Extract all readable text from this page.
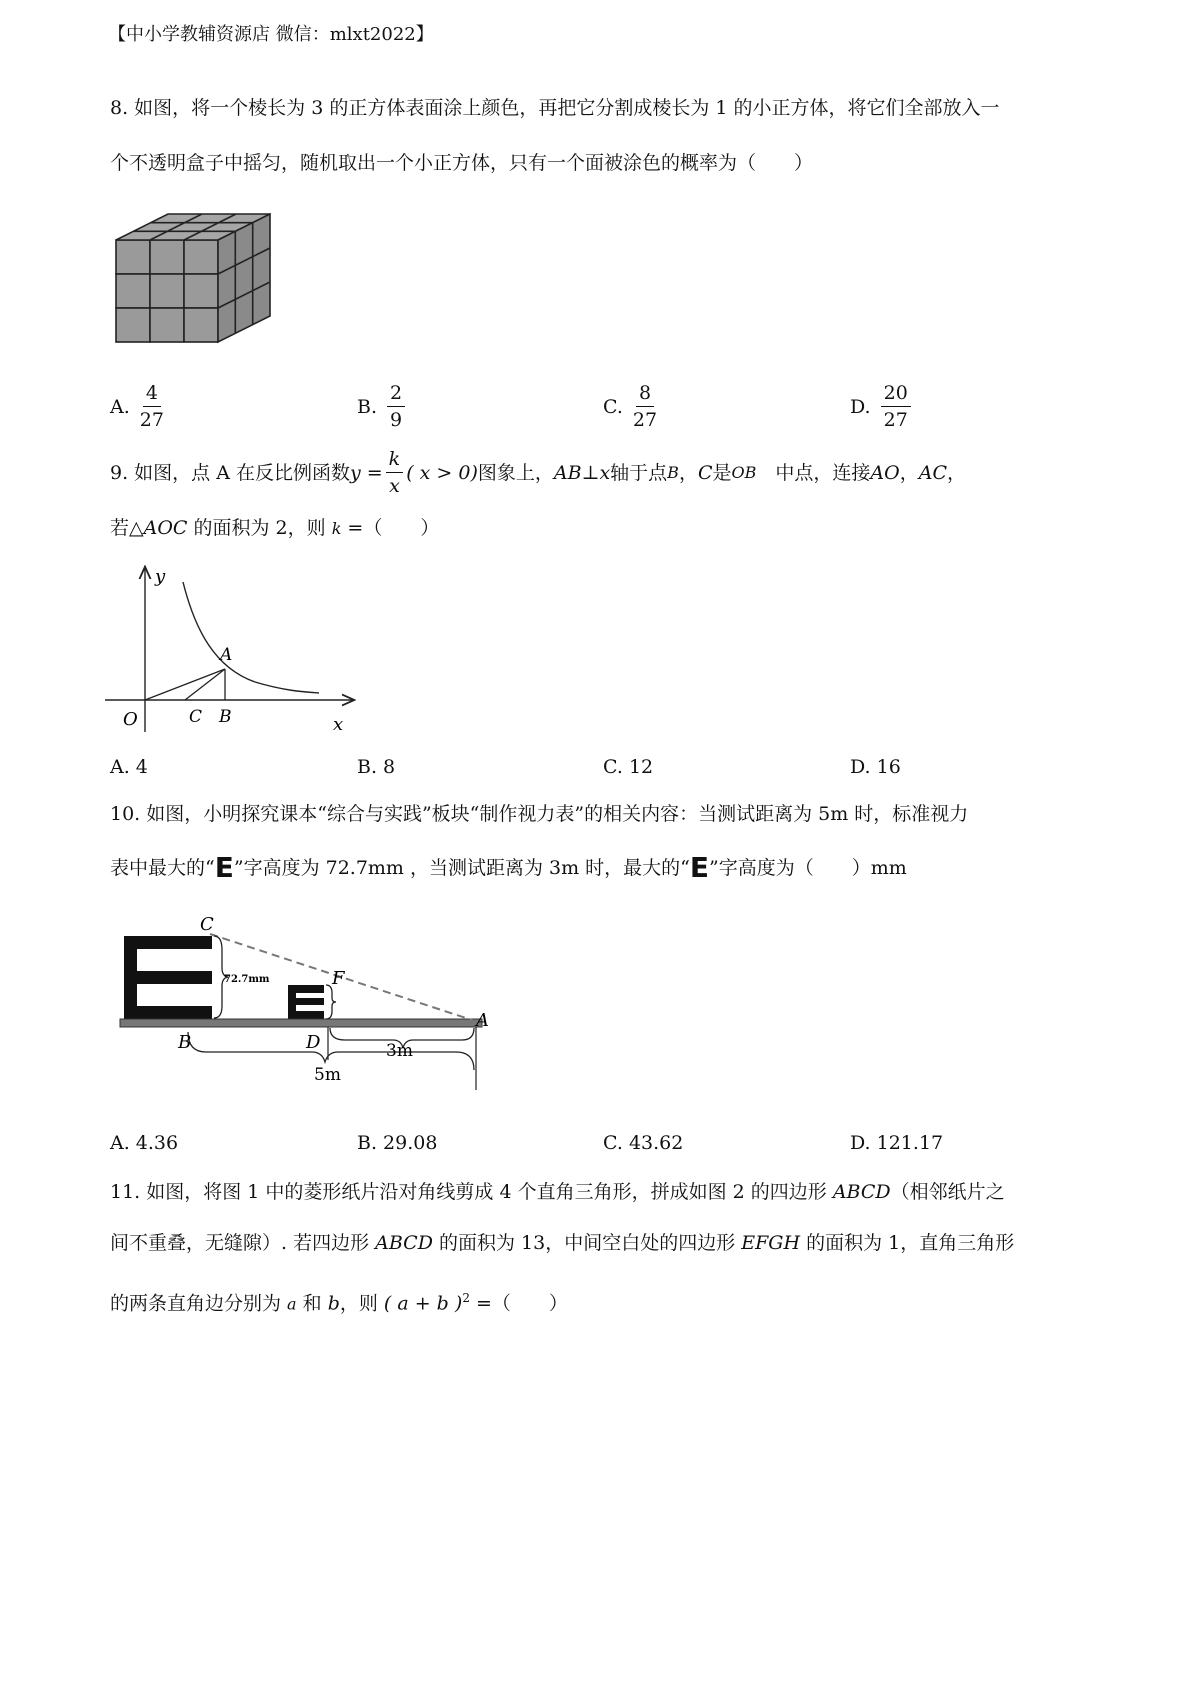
【中小学教辅资源店 微信：mlxt2022】
8. 如图，将一个棱长为 3 的正方体表面涂上颜色，再把它分割成棱长为 1 的小正方体，将它们全部放入一
个不透明盒子中摇匀，随机取出一个小正方体，只有一个面被涂色的概率为（　　）
A. $\frac{4}{27}$	B. $\frac{2}{9}$	C. $\frac{8}{27}$	D. $\frac{20}{27}$
9. 如图，点 A 在反比例函数 $y = \frac{k}{x}$ ( x > 0) 图象上， AB ⊥ x 轴于点 B ， C 是 OB 　中点，连接 AO ， AC ，
若△AOC 的面积为 2，则 k =（　　）
y
x
O
A
C B
A. 4	B. 8	C. 12	D. 16
10. 如图，小明探究课本“综合与实践”板块“制作视力表”的相关内容：当测试距离为 5m 时，标准视力
表中最大的“E”字高度为 72.7mm ，当测试距离为 3m 时，最大的“E”字高度为（　　）mm
C
F
B	D
A
72.7mm
3m
5m
A. 4.36	B. 29.08	C. 43.62	D. 121.17
11. 如图，将图 1 中的菱形纸片沿对角线剪成 4 个直角三角形，拼成如图 2 的四边形 ABCD（相邻纸片之
间不重叠，无缝隙）. 若四边形 ABCD 的面积为 13，中间空白处的四边形 EFGH 的面积为 1，直角三角形
的两条直角边分别为 a 和 b，则 ( a + b )$^2$ =（　　）
